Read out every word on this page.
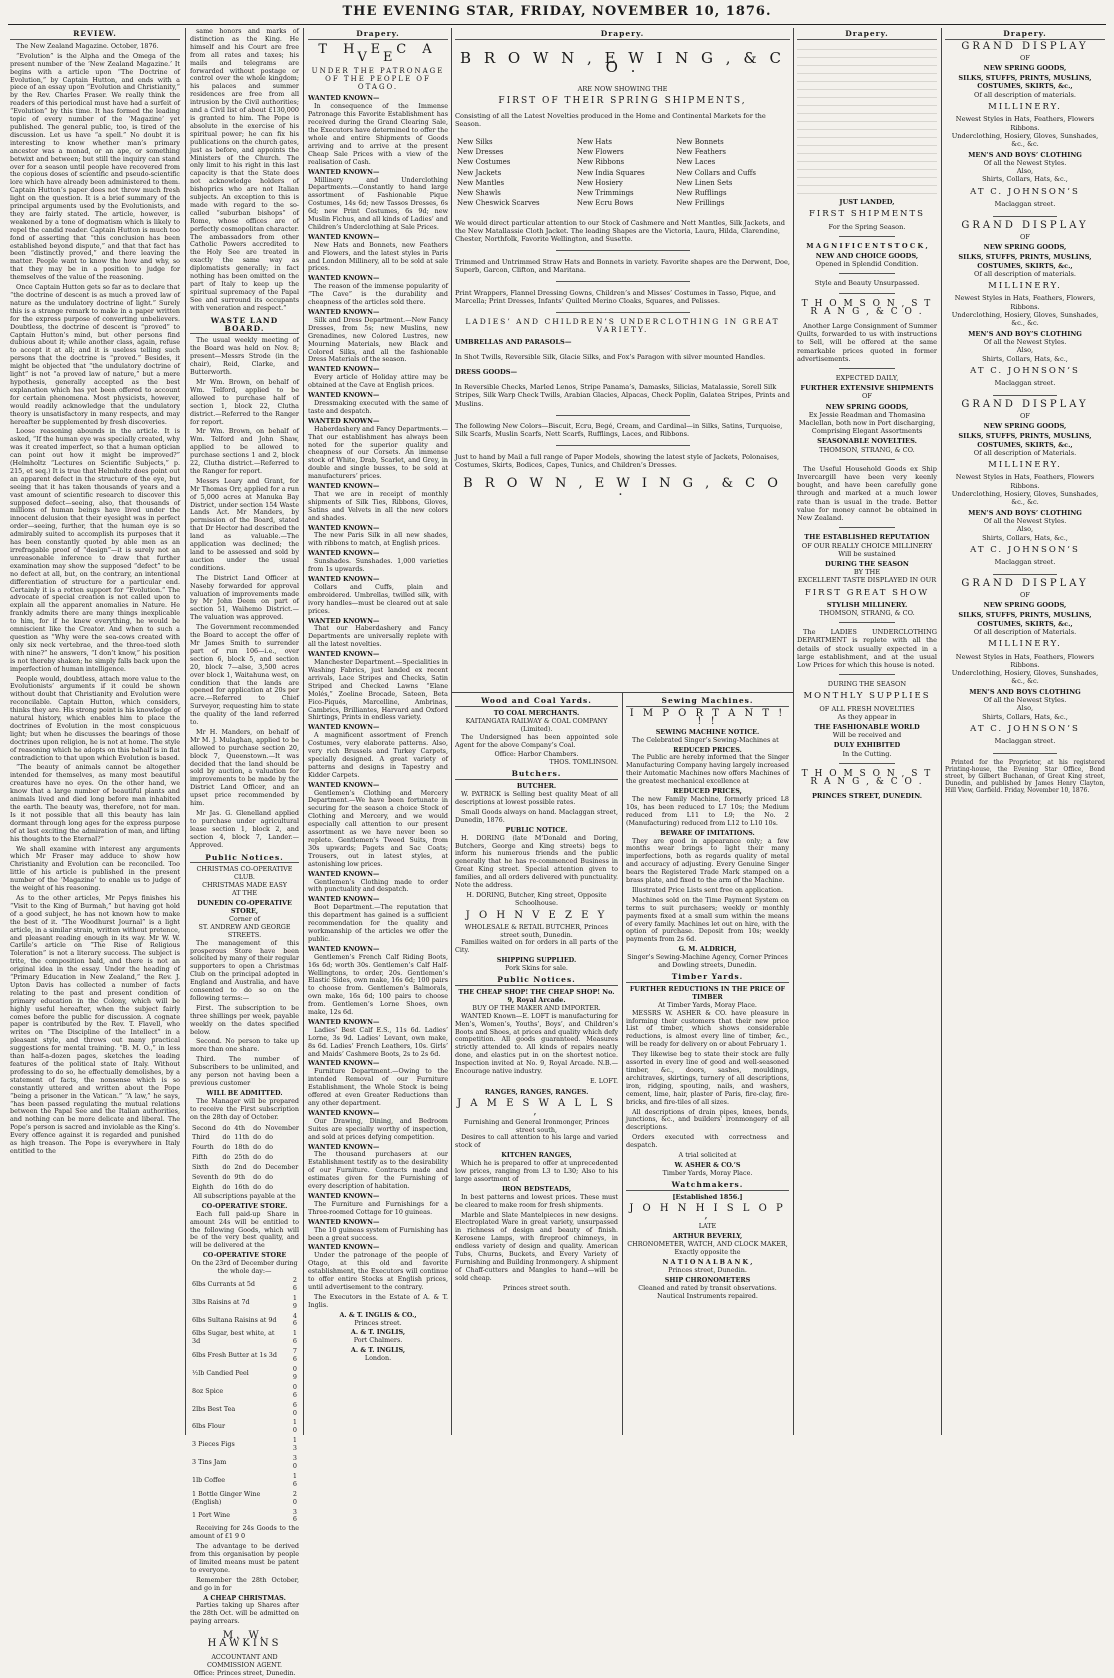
THE EVENING STAR, FRIDAY, NOVEMBER 10, 1876.
REVIEW.

The New Zealand Magazine. October, 1876.

“Evolution” is the Alpha and the Omega of the present number of the ‘New Zealand Magazine.’ It begins with a article upon “The Doctrine of Evolution,” by Captain Hutton, and ends with a piece of an essay upon “Evolution and Christianity,” by the Rev. Charles Fraser. We really think the readers of this periodical must have had a surfeit of “Evolution” by this time. It has formed the leading topic of every number of the ‘Magazine’ yet published. The general public, too, is tired of the discussion. Let us have “a spell.” No doubt it is interesting to know whether man’s primary ancestor was a monad, or an ape, or something betwixt and between; but still the inquiry can stand over for a season until people have recovered from the copious doses of scientific and pseudo-scientific lore which have already been administered to them. Captain Hutton’s paper does not throw much fresh light on the question. It is a brief summary of the principal arguments used by the Evolutionists, and they are fairly stated. The article, however, is weakened by a tone of dogmatism which is likely to repel the candid reader. Captain Hutton is much too fond of asserting that “this conclusion has been established beyond dispute,” and that that fact has been “distinctly proved,” and there leaving the matter. People want to know the how and why, so that they may be in a position to judge for themselves of the value of the reasoning.

Once Captain Hutton gets so far as to declare that “the doctrine of descent is as much a proved law of nature as the undulatory doctrine of light.” Surely this is a strange remark to make in a paper written for the express purpose of converting unbelievers. Doubtless, the doctrine of descent is “proved” to Captain Hutton’s mind, but other persons find dubious about it; while another class, again, refuse to accept it at all; and it is useless telling such persons that the doctrine is “proved.” Besides, it might be objected that “the undulatory doctrine of light” is not “a proved law of nature,” but a mere hypothesis, generally accepted as the best explanation which has yet been offered to account for certain phenomena. Most physicists, however, would readily acknowledge that the undulatory theory is unsatisfactory in many respects, and may hereafter be supplemented by fresh discoveries.

Loose reasoning abounds in the article. It is asked, “If the human eye was specially created, why was it created imperfect, so that a human optician can point out how it might be improved?” (Helmholtz “Lectures on Scientific Subjects,” p. 215, et seq.) It is true that Helmholtz does point out an apparent defect in the structure of the eye, but seeing that it has taken thousands of years and a vast amount of scientific research to discover this supposed defect—seeing, also, that thousands of millions of human beings have lived under the innocent delusion that their eyesight was in perfect order—seeing, further, that the human eye is so admirably suited to accomplish its purposes that it has been constantly quoted by able men as an irrefragable proof of “design”—it is surely not an unreasonable inference to draw that further examination may show the supposed “defect” to be no defect at all, but, on the contrary, an intentional differentiation of structure for a particular end. Certainly it is a rotten support for “Evolution.” The advocate of special creation is not called upon to explain all the apparent anomalies in Nature. He frankly admits there are many things inexplicable to him, for if he knew everything, he would be omniscient like the Creator. And when to such a question as “Why were the sea-cows created with only six neck vertebrae, and the three-toed sloth with nine?” he answers, “I don’t know,” his position is not thereby shaken; he simply falls back upon the imperfection of human intelligence.

People would, doubtless, attach more value to the Evolutionists’ arguments if it could be shown without doubt that Christianity and Evolution were reconcilable. Captain Hutton, which considers, thinks they are. His strong point is his knowledge of natural history, which enables him to place the doctrines of Evolution in the most conspicuous light; but when he discusses the bearings of those doctrines upon religion, he is not at home. The style of reasoning which he adopts on this behalf is in flat contradiction to that upon which Evolution is based.

“The beauty of animals cannot be altogether intended for themselves, as many most beautiful creatures have no eyes. On the other hand, we know that a large number of beautiful plants and animals lived and died long before man inhabited the earth. The beauty was, therefore, not for man. Is it not possible that all this beauty has lain dormant through long ages for the express purpose of at last exciting the admiration of man, and lifting his thoughts to the Eternal?”

We shall examine with interest any arguments which Mr Fraser may adduce to show how Christianity and Evolution can be reconciled. Too little of his article is published in the present number of the ‘Magazine’ to enable us to judge of the weight of his reasoning.

As to the other articles, Mr Pepys finishes his “Visit to the King of Burmah,” but having got hold of a good subject, he has not known how to make the best of it. “The Woodhurst Journal” is a light article, in a similar strain, written without pretence, and pleasant reading enough in its way. Mr W. W. Carlile’s article on “The Rise of Religious Toleration” is not a literary success. The subject is trite, the composition bald, and there is not an original idea in the essay. Under the heading of “Primary Education in New Zealand,” the Rev. J. Upton Davis has collected a number of facts relating to the past and present condition of primary education in the Colony, which will be highly useful hereafter, when the subject fairly comes before the public for discussion. A cognate paper is contributed by the Rev. T. Flavell, who writes on “The Discipline of the Intellect” in a pleasant style, and throws out many practical suggestions for mental training. “B. M. O.,” in less than half-a-dozen pages, sketches the leading features of the political state of Italy. Without professing to do so, he effectually demolishes, by a statement of facts, the nonsense which is so constantly uttered and written about the Pope “being a prisoner in the Vatican.” “A law,” he says, “has been passed regulating the mutual relations between the Papal See and the Italian authorities, and nothing can be more delicate and liberal. The Pope’s person is sacred and inviolable as the King’s. Every offence against it is regarded and punished as high treason. The Pope is everywhere in Italy entitled to the

same honors and marks of distinction as the King. He himself and his Court are free from all rates and taxes; his mails and telegrams are forwarded without postage or control over the whole kingdom; his palaces and summer residences are free from all intrusion by the Civil authorities; and a Civil list of about £130,000 is granted to him. The Pope is absolute in the exercise of his spiritual power; he can fix his publications on the church gates, just as before, and appoints the Ministers of the Church. The only limit to his right in this last capacity is that the State does not acknowledge holders of bishoprics who are not Italian subjects. An exception to this is made with regard to the so-called “suburban bishops” of Rome, whose offices are of perfectly cosmopolitan character. The ambassadors from other Catholic Powers accredited to the Holy See are treated in exactly the same way as diplomatists generally; in fact nothing has been omitted on the part of Italy to keep up the spiritual supremacy of the Papal See and surround its occupants with veneration and respect.”

WASTE LAND BOARD.

The usual weekly meeting of the Board was held on Nov. 8; present—Messrs Strode (in the chair), Reid, Clarke, and Butterworth.

Mr Wm. Brown, on behalf of Wm. Telford, applied to be allowed to purchase half of section 1, block 22, Clutha district.—Referred to the Ranger for report.

Mr Wm. Brown, on behalf of Wm. Telford and John Shaw, applied to be allowed to purchase sections 1 and 2, block 22, Clutha district.—Referred to the Ranger for report.

Messrs Leary and Grant, for Mr Thomas Orr, applied for a run of 5,000 acres at Manuka Bay District, under section 154 Waste Lands Act. Mr Manders, by permission of the Board, stated that Dr Hector had described the land as valuable.—The application was declined; the land to be assessed and sold by auction under the usual conditions.

The District Land Officer at Naseby forwarded for approval valuation of improvements made by Mr John Deem on part of section 51, Waihemo District.—The valuation was approved.

The Government recommended the Board to accept the offer of Mr James Smith to surrender part of run 106—i.e., over section 6, block 5, and section 20, block 7—alse, 3,500 acres over block 1, Waitahuna west, on condition that the lands are opened for application at 20s per acre.—Referred to Chief Surveyor, requesting him to state the quality of the land referred to.

Mr H. Manders, on behalf of Mr M. J. Mulaghan, applied to be allowed to purchase section 20, block 7, Queenstown.—It was decided that the land should be sold by auction, a valuation for improvements to be made by the District Land Officer, and an upset price recommended by him.

Mr Jas. G. Glenelland applied to purchase under agricultural lease section 1, block 2, and section 4, block 7, Lander.—Approved.

Public Notices.
CHRISTMAS CO-OPERATIVE CLUB.
CHRISTMAS MADE EASY
AT THE
DUNEDIN CO-OPERATIVE STORE,
Corner of
ST. ANDREW AND GEORGE STREETS.

The management of this prosperous Store have been solicited by many of their regular supporters to open a Christmas Club on the principal adopted in England and Australia, and have consented to do so on the following terms:—

First. The subscription to be three shillings per week, payable weekly on the dates specified below.

Second. No person to take up more than one share.

Third. The number of Subscribers to be unlimited, and any person not having been a previous customer

WILL BE ADMITTED.

The Manager will be prepared to receive the First subscription on the 28th day of October.

Second	do	4th	do	November
Third	do	11th	do	do
Fourth	do	18th	do	do
Fifth	do	25th	do	do
Sixth	do	2nd	do	December
Seventh	do	9th	do	do
Eighth	do	16th	do	do
All subscriptions payable at the
CO-OPERATIVE STORE.

Each full paid-up Share in amount 24s will be entitled to the following Goods, which will be of the very best quality, and will be delivered at the

CO-OPERATIVE STORE
On the 23rd of December during the whole day:—
6lbs Currants at 5d	2 6
3lbs Raisins at 7d	1 9
6lbs Sultana Raisins at 9d	4 6
6lbs Sugar, best white, at 3d	1 6
6lbs Fresh Butter at 1s 3d	7 6
½lb Candied Peel	0 9
8oz Spice	0 6
2lbs Best Tea	6 0
6lbs Flour	1 0
3 Pieces Figs	1 3
3 Tins Jam	3 0
1lb Coffee	1 6
1 Bottle Ginger Wine (English)	2 0
1 Port Wine	3 6

Receiving for 24s Goods to the amount of £1 9 0

The advantage to be derived from this organisation by people of limited means must be patent to everyone.

Remember the 28th October, and go in for

A CHEAP CHRISTMAS.

Parties taking up Shares after the 28th Oct. will be admitted on paying arrears.

M. W. HAWKINS
ACCOUNTANT AND COMMISSION AGENT.
Office: Princes street, Dunedin.
Drapery.
T H E C A V E
UNDER THE PATRONAGE OF THE PEOPLE OF OTAGO.
WANTED KNOWN—

In consequence of the Immense Patronage this Favorite Establishment has received during the Grand Clearing Sale, the Executors have determined to offer the whole and entire Shipments of Goods arriving and to arrive at the present Cheap Sale Prices with a view of the realisation of Cash.

WANTED KNOWN—

Millinery and Underclothing Departments.—Constantly to hand large assortment of Fashionable Pique Costumes, 14s 6d; new Tassos Dresses, 6s 6d; new Print Costumes, 6s 9d; new Muslin Fichus, and all kinds of Ladies’ and Children’s Underclothing at Sale Prices.

WANTED KNOWN—

New Hats and Bonnets, new Feathers and Flowers, and the latest styles in Paris and London Millinery, all to be sold at sale prices.

WANTED KNOWN—

The reason of the immense popularity of “The Cave” is the durability and cheapness of the articles sold there.

WANTED KNOWN—

Silk and Dress Department.—New Fancy Dresses, from 5s; new Muslins, new Grenadines, new Colored Lustres, new Mourning Materials, new Black and Colored Silks, and all the fashionable Dress Materials of the season.

WANTED KNOWN—

Every article of Holiday attire may be obtained at the Cave at English prices.

WANTED KNOWN—

Dressmaking executed with the same of taste and despatch.

WANTED KNOWN—

Haberdashery and Fancy Departments.—That our establishment has always been noted for the superior quality and cheapness of our Corsets. An immense stock of White, Drab, Scarlet, and Grey, in double and single busses, to be sold at manufacturers’ prices.

WANTED KNOWN—

That we are in receipt of monthly shipments of Silk Ties, Ribbons, Gloves, Satins and Velvets in all the new colors and shades.

WANTED KNOWN—

The new Paris Silk in all new shades, with ribbons to match, at English prices.

WANTED KNOWN—

Sunshades. Sunshades. 1,000 varieties from 1s upwards.

WANTED KNOWN—

Collars and Cuffs, plain and embroidered. Umbrellas, twilled silk, with ivory handles—must be cleared out at sale prices.

WANTED KNOWN—

That our Haberdashery and Fancy Departments are universally replete with all the latest novelties.

WANTED KNOWN—

Manchester Department.—Specialities in Washing Fabrics, just landed ex recent arrivals, Lace Stripes and Checks, Satin Striped and Checked Lawns “Elane Molés,” Zoeline Brocade, Sateen, Beta Fico-Piqués, Marcelline, Ambrinas, Cambrics, Brilliantes, Harvard and Oxford Shirtings, Prints in endless variety.

WANTED KNOWN—

A magnificent assortment of French Costumes, very elaborate patterns. Also, very rich Brussels and Turkey Carpets, specially designed. A great variety of patterns and designs in Tapestry and Kidder Carpets.

WANTED KNOWN—

Gentlemen’s Clothing and Mercery Department.—We have been fortunate in securing for the season a choice Stock of Clothing and Mercery, and we would especially call attention to our present assortment as we have never been so replete. Gentlemen’s Tweed Suits, from 30s upwards; Pagets and Sac Coats; Trousers, out in latest styles, at astonishing low prices.

WANTED KNOWN—

Gentlemen’s Clothing made to order with punctuality and despatch.

WANTED KNOWN—

Boot Department.—The reputation that this department has gained is a sufficient recommendation for the quality and workmanship of the articles we offer the public.

WANTED KNOWN—

Gentlemen’s French Calf Riding Boots, 16s 6d; worth 30s. Gentlemen’s Calf Half-Wellingtons, to order, 20s. Gentlemen’s Elastic Sides, own make, 16s 6d; 100 pairs to choose from. Gentlemen’s Balmorals, own make, 16s 6d; 100 pairs to choose from. Gentlemen’s Lorne Shoes, own make, 12s 6d.

WANTED KNOWN—

Ladies’ Best Calf E.S., 11s 6d. Ladies’ Lorne, 3s 9d. Ladies’ Levant, own make, 8s 6d. Ladies’ French Leathers, 10s. Girls’ and Maids’ Cashmere Boots, 2s to 2s 6d.

WANTED KNOWN—

Furniture Department.—Owing to the intended Removal of our Furniture Establishment, the Whole Stock is being offered at even Greater Reductions than any other department.

WANTED KNOWN—

Our Drawing, Dining, and Bedroom Suites are specially worthy of inspection, and sold at prices defying competition.

WANTED KNOWN—

The thousand purchasers at our Establishment testify as to the desirability of our Furniture. Contracts made and estimates given for the Furnishing of every description of habitation.

WANTED KNOWN—

The Furniture and Furnishings for a Three-roomed Cottage for 10 guineas.

WANTED KNOWN—

The 10 guineas system of Furnishing has been a great success.

WANTED KNOWN—

Under the patronage of the people of Otago, at this old and favorite establishment, the Executors will continue to offer entire Stocks at English prices, until advertisement to the contrary.

The Executors in the Estate of A. & T. Inglis.

A. & T. INGLIS & CO.,
Princes street.
A. & T. INGLIS,
Port Chalmers.
A. & T. INGLIS,
London.
Drapery.
B R O W N , E W I N G , & C O .
ARE NOW SHOWING THE
FIRST OF THEIR SPRING SHIPMENTS,

Consisting of all the Latest Novelties produced in the Home and Continental Markets for the Season.

New Silks	New Hats	New Bonnets
New Dresses	New Flowers	New Feathers
New Costumes	New Ribbons	New Laces
New Jackets	New India Squares	New Collars and Cuffs
New Mantles	New Hosiery	New Linen Sets
New Shawls	New Trimmings	New Rufflings
New Cheswick Scarves	New Ecru Bows	New Frillings

We would direct particular attention to our Stock of Cashmere and Nett Mantles, Silk Jackets, and the New Matallassie Cloth Jacket. The leading Shapes are the Victoria, Laura, Hilda, Clarendine, Chester, Northfolk, Favorite Wellington, and Susette.

Trimmed and Untrimmed Straw Hats and Bonnets in variety. Favorite shapes are the Derwent, Doe, Superb, Garcon, Clifton, and Maritana.

Print Wrappers, Flannel Dressing Gowns, Children’s and Misses’ Costumes in Tasso, Pique, and Marcella; Print Dresses, Infants’ Quilted Merino Cloaks, Squares, and Pelisses.

LADIES’ AND CHILDREN’S UNDERCLOTHING IN GREAT VARIETY.
UMBRELLAS AND PARASOLS—

In Shot Twills, Reversible Silk, Glacie Silks, and Fox’s Paragon with silver mounted Handles.

DRESS GOODS—

In Reversible Checks, Marled Lenos, Stripe Panama’s, Damasks, Silicias, Matalassie, Sorell Silk Stripes, Silk Warp Check Twills, Arabian Glacies, Alpacas, Check Poplin, Galatea Stripes, Prints and Muslins.

The following New Colors—Biscuit, Ecru, Begé, Cream, and Cardinal—in Silks, Satins, Turquoise, Silk Scarfs, Muslin Scarfs, Nett Scarfs, Rufflings, Laces, and Ribbons.

Just to hand by Mail a full range of Paper Models, showing the latest style of Jackets, Polonaises, Costumes, Skirts, Bodices, Capes, Tunics, and Children’s Dresses.

B R O W N , E W I N G , & C O .
Wood and Coal Yards.
TO COAL MERCHANTS.
KAITANGATA RAILWAY & COAL COMPANY (Limited).

The Undersigned has been appointed sole Agent for the above Company’s Coal.

Office: Harbor Chambers.
THOS. TOMLINSON.
Butchers.
BUTCHER.

W. PATRICK is Selling best quality Meat of all descriptions at lowest possible rates.

Small Goods always on hand. Maclaggan street, Dunedin, 1876.

PUBLIC NOTICE.

H. DORING (late M’Donald and Doring, Butchers, George and King streets) begs to inform his numerous friends and the public generally that he has re-commenced Business in Great King street. Special attention given to families, and all orders delivered with punctuality. Note the address.

H. DORING, Butcher, King street, Opposite Schoolhouse.
J O H N V E Z E Y
WHOLESALE & RETAIL BUTCHER, Princes street south, Dunedin.

Families waited on for orders in all parts of the City.

SHIPPING SUPPLIED.
Pork Skins for sale.
Public Notices.
THE CHEAP SHOP! THE CHEAP SHOP! No. 9, Royal Arcade.
BUY OF THE MAKER AND IMPORTER.

WANTED Known—E. LOFT is manufacturing for Men’s, Women’s, Youths’, Boys’, and Children’s Boots and Shoes, at prices and quality which defy competition. All goods guaranteed. Measures strictly attended to. All kinds of repairs neatly done, and elastics put in on the shortest notice. Inspection invited at No. 9, Royal Arcade. N.B.—Encourage native industry.

E. LOFT.
RANGES, RANGES, RANGES.
J A M E S W A L L S ,
Furnishing and General Ironmonger, Princes street south,

Desires to call attention to his large and varied stock of

KITCHEN RANGES,

Which he is prepared to offer at unprecedented low prices, ranging from L3 to L30; Also to his large assortment of

IRON BEDSTEADS,

In best patterns and lowest prices. These must be cleared to make room for fresh shipments.

Marble and Slate Mantelpieces in new designs. Electroplated Ware in great variety, unsurpassed in richness of design and beauty of finish. Kerosene Lamps, with fireproof chimneys, in endless variety of design and quality. American Tubs, Churns, Buckets, and Every Variety of Furnishing and Building Ironmongery. A shipment of Chaff-cutters and Mangles to hand—will be sold cheap.

Princes street south.
Sewing Machines.
I M P O R T A N T ! ! !
SEWING MACHINE NOTICE.

The Celebrated Singer’s Sewing-Machines at

REDUCED PRICES.

The Public are hereby informed that the Singer Manufacturing Company having largely increased their Automatic Machines now offers Machines of the greatest mechanical excellence at

REDUCED PRICES,

The new Family Machine, formerly priced L8 10s, has been reduced to L7 10s; the Medium reduced from L11 to L9; the No. 2 (Manufacturing) reduced from L12 to L10 10s.

BEWARE OF IMITATIONS.

They are good in appearance only; a few months wear brings to light their many imperfections, both as regards quality of metal and accuracy of adjusting. Every Genuine Singer bears the Registered Trade Mark stamped on a brass plate, and fixed to the arm of the Machine.

Illustrated Price Lists sent free on application.

Machines sold on the Time Payment System on terms to suit purchasers; weekly or monthly payments fixed at a small sum within the means of every family. Machines let out on hire, with the option of purchase. Deposit from 10s; weekly payments from 2s 6d.

G. M. ALDRICH,
Singer’s Sewing-Machine Agency, Corner Princes and Dowling streets, Dunedin.
Timber Yards.
FURTHER REDUCTIONS IN THE PRICE OF TIMBER
At Timber Yards, Moray Place.

MESSRS W. ASHER & CO. have pleasure in informing their customers that their new price List of timber, which shows considerable reductions, is almost every line of timber, &c., will be ready for delivery on or about February 1.

They likewise beg to state their stock are fully assorted in every line of good and well-seasoned timber, &c., doors, sashes, mouldings, architraves, skirtings, turnery of all descriptions, iron, ridging, spouting, nails, and washers, cement, lime, hair, plaster of Paris, fire-clay, fire-bricks, and fire-tiles of all sizes.

All descriptions of drain pipes, knees, bends, junctions, &c., and builders’ ironmongery of all descriptions.

Orders executed with correctness and despatch.

A trial solicited at
W. ASHER & CO.’S
Timber Yards, Moray Place.
Watchmakers.
[Established 1856.]
J O H N H I S L O P ,
LATE
ARTHUR BEVERLY,
CHRONOMETER, WATCH, AND CLOCK MAKER,
Exactly opposite the
N A T I O N A L B A N K ,
Princes street, Dunedin.
SHIP CHRONOMETERS
Cleaned and rated by transit observations.
Nautical Instruments repaired.
Drapery.
JUST LANDED,
FIRST SHIPMENTS
For the Spring Season.
M A G N I F I C E N T S T O C K ,
NEW AND CHOICE GOODS,
Opened in Splendid Condition.
Style and Beauty Unsurpassed.
T H O M S O N , S T R A N G , & C O .

Another Large Consignment of Summer Quilts, forwarded to us with instructions to Sell, will be offered at the same remarkable prices quoted in former advertisements.

EXPECTED DAILY,
FURTHER EXTENSIVE SHIPMENTS
OF
NEW SPRING GOODS,
Ex Jessie Readman and Thomasina Maclellan, both now in Port discharging, Comprising Elegant Assortments
SEASONABLE NOVELTIES.
THOMSON, STRANG, & CO.

The Useful Household Goods ex Ship Invercargill have been very keenly bought, and have been carefully gone through and marked at a much lower rate than is usual in the trade. Better value for money cannot be obtained in New Zealand.

THE ESTABLISHED REPUTATION
OF OUR REALLY CHOICE MILLINERY
Will be sustained
DURING THE SEASON
BY THE
EXCELLENT TASTE DISPLAYED IN OUR
FIRST GREAT SHOW
STYLISH MILLINERY.
THOMSON, STRANG, & CO.

The LADIES UNDERCLOTHING DEPARTMENT is replete with all the details of stock usually expected in a large establishment, and at the usual Low Prices for which this house is noted.

DURING THE SEASON
MONTHLY SUPPLIES
OF ALL FRESH NOVELTIES
As they appear in
THE FASHIONABLE WORLD
Will be received and
DULY EXHIBITED
In the Cutting.
T H O M S O N , S T R A N G , & C O .
PRINCES STREET, DUNEDIN.
Drapery.
GRAND DISPLAY
OF
NEW SPRING GOODS,
SILKS, STUFFS, PRINTS, MUSLINS, COSTUMES, SKIRTS, &c.,
Of all description of materials.
MILLINERY.
Newest Styles in Hats, Feathers, Flowers Ribbons.
Underclothing, Hosiery, Gloves, Sunshades, &c., &c.
MEN’S AND BOYS’ CLOTHING
Of all the Newest Styles.
Also,
Shirts, Collars, Hats, &c.,
AT C. JOHNSON’S
Maclaggan street.
GRAND DISPLAY
OF
NEW SPRING GOODS,
SILKS, STUFFS, PRINTS, MUSLINS, COSTUMES, SKIRTS, &c.,
Of all description of materials.
MILLINERY.
Newest Styles in Hats, Feathers, Flowers, Ribbons.
Underclothing, Hosiery, Gloves, Sunshades, &c., &c.
MEN’S AND BOY’S CLOTHING
Of all the Newest Styles.
Also,
Shirts, Collars, Hats, &c.,
AT C. JOHNSON’S
Maclaggan street.
GRAND DISPLAY
OF
NEW SPRING GOODS,
SILKS, STUFFS, PRINTS, MUSLINS, COSTUMES, SKIRTS, &c.,
Of all description of Materials.
MILLINERY.
Newest Styles in Hats, Feathers, Flowers Ribbons.
Underclothing, Hosiery, Gloves, Sunshades, &c., &c.
MEN’S AND BOYS’ CLOTHING
Of all the Newest Styles.
Also,
Shirts, Collars, Hats, &c.,
AT C. JOHNSON’S
Maclaggan street.
GRAND DISPLAY
OF
NEW SPRING GOODS,
SILKS, STUFFS, PRINTS, MUSLINS, COSTUMES, SKIRTS, &c.,
Of all description of Materials.
MILLINERY.
Newest Styles in Hats, Feathers, Flowers Ribbons.
Underclothing, Hosiery, Gloves, Sunshades, &c., &c.
MEN’S AND BOYS CLOTHING
Of all the Newest Styles.
Also,
Shirts, Collars, Hats, &c.,
AT C. JOHNSON’S
Maclaggan street.

Printed for the Proprietor, at his registered Printing-house, the Evening Star Office, Bond street, by Gilbert Buchanan, of Great King street, Dunedin, and published by James Henry Clayton, Hill View, Garfield. Friday, November 10, 1876.
